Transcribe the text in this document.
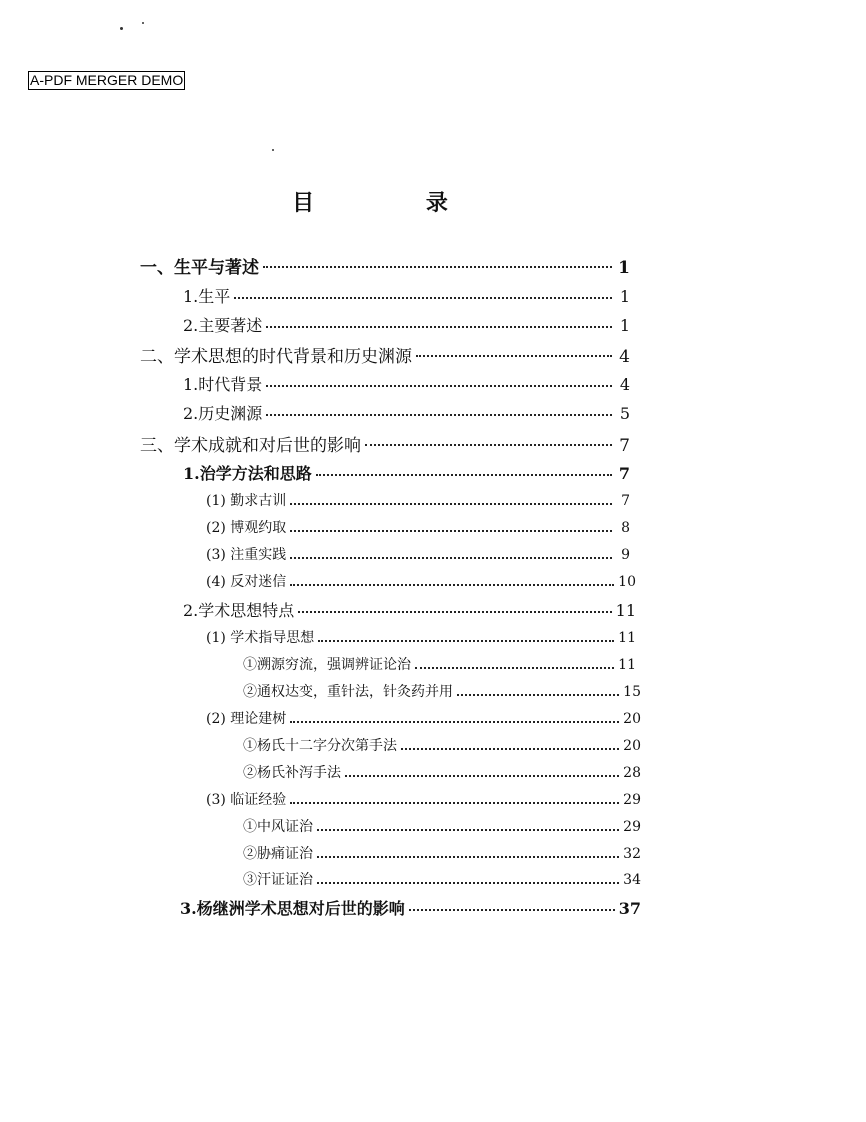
A-PDF MERGER DEMO
目 录
一、生平与著述	1
1.生平	1
2.主要著述	1
二、学术思想的时代背景和历史渊源	4
1.时代背景	4
2.历史渊源	5
三、学术成就和对后世的影响	7
1.治学方法和思路	7
(1) 勤求古训	7
(2) 博观约取	8
(3) 注重实践	9
(4) 反对迷信	10
2.学术思想特点	11
(1) 学术指导思想	11
①溯源穷流，强调辨证论治	11
②通权达变，重针法，针灸药并用	15
(2) 理论建树	20
①杨氏十二字分次第手法	20
②杨氏补泻手法	28
(3) 临证经验	29
①中风证治	29
②胁痛证治	32
③汗证证治	34
3.杨继洲学术思想对后世的影响	37
